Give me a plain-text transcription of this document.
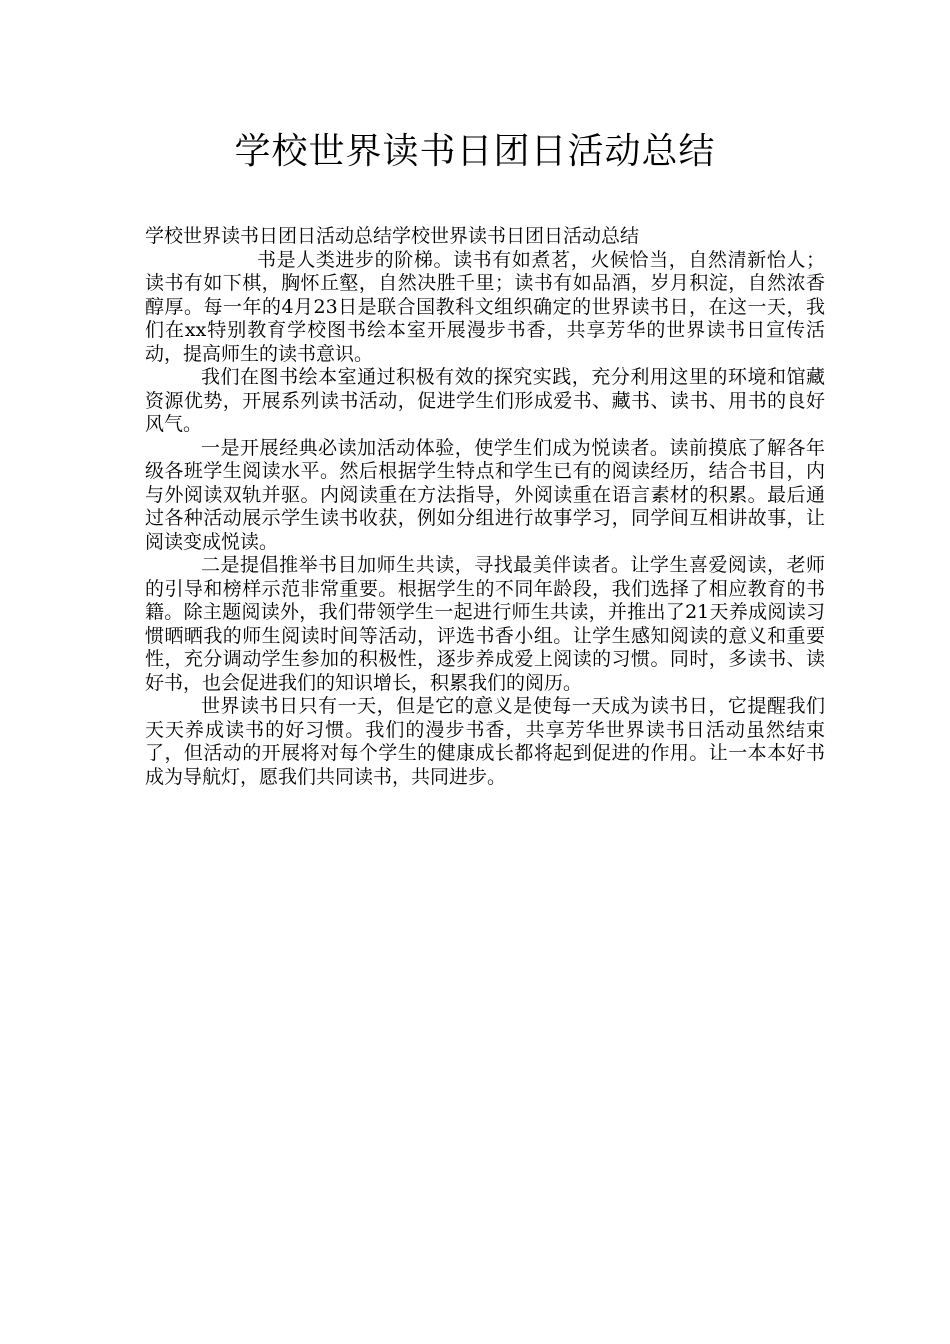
学校世界读书日团日活动总结

学校世界读书日团日活动总结学校世界读书日团日活动总结

书是人类进步的阶梯。读书有如煮茗，火候恰当，自然清新怡人；读书有如下棋，胸怀丘壑，自然决胜千里；读书有如品酒，岁月积淀，自然浓香醇厚。每一年的4月23日是联合国教科文组织确定的世界读书日，在这一天，我们在xx特别教育学校图书绘本室开展漫步书香，共享芳华的世界读书日宣传活动，提高师生的读书意识。

我们在图书绘本室通过积极有效的探究实践，充分利用这里的环境和馆藏资源优势，开展系列读书活动，促进学生们形成爱书、藏书、读书、用书的良好风气。

一是开展经典必读加活动体验，使学生们成为悦读者。读前摸底了解各年级各班学生阅读水平。然后根据学生特点和学生已有的阅读经历，结合书目，内与外阅读双轨并驱。内阅读重在方法指导，外阅读重在语言素材的积累。最后通过各种活动展示学生读书收获，例如分组进行故事学习，同学间互相讲故事，让阅读变成悦读。

二是提倡推举书目加师生共读，寻找最美伴读者。让学生喜爱阅读，老师的引导和榜样示范非常重要。根据学生的不同年龄段，我们选择了相应教育的书籍。除主题阅读外，我们带领学生一起进行师生共读，并推出了21天养成阅读习惯晒晒我的师生阅读时间等活动，评选书香小组。让学生感知阅读的意义和重要性，充分调动学生参加的积极性，逐步养成爱上阅读的习惯。同时，多读书、读好书，也会促进我们的知识增长，积累我们的阅历。

世界读书日只有一天，但是它的意义是使每一天成为读书日，它提醒我们天天养成读书的好习惯。我们的漫步书香，共享芳华世界读书日活动虽然结束了，但活动的开展将对每个学生的健康成长都将起到促进的作用。让一本本好书成为导航灯，愿我们共同读书，共同进步。
